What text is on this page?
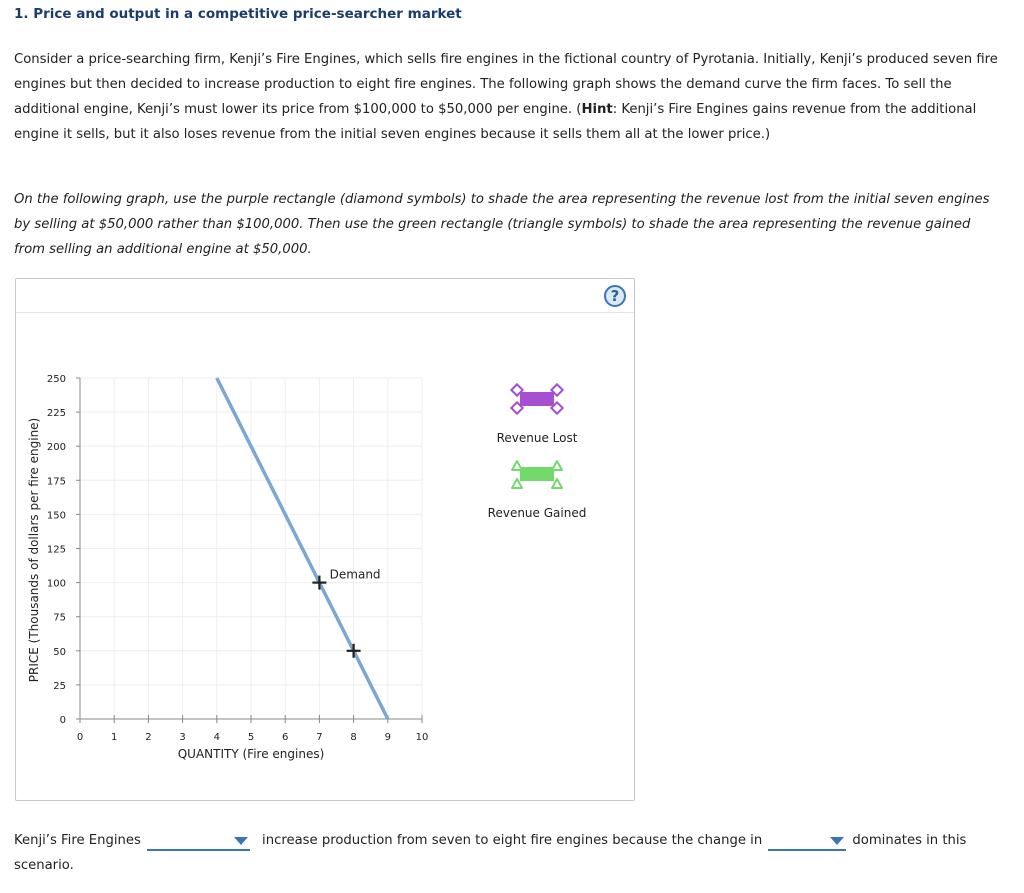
1. Price and output in a competitive price-searcher market

Consider a price-searching firm, Kenji’s Fire Engines, which sells fire engines in the fictional country of Pyrotania. Initially, Kenji’s produced seven fire engines but then decided to increase production to eight fire engines. The following graph shows the demand curve the firm faces. To sell the additional engine, Kenji’s must lower its price from $100,000 to $50,000 per engine. (Hint: Kenji’s Fire Engines gains revenue from the additional engine it sells, but it also loses revenue from the initial seven engines because it sells them all at the lower price.)

On the following graph, use the purple rectangle (diamond symbols) to shade the area representing the revenue lost from the initial seven engines by selling at $50,000 rather than $100,000. Then use the green rectangle (triangle symbols) to shade the area representing the revenue gained from selling an additional engine at $50,000.

?
0
25
50
75
100
125
150
175
200
225
250
0	1	2	3	4	5	6	7	8	9 10
PRICE (Thousands of dollars per fire engine)
QUANTITY (Fire engines)
Demand
Revenue Lost
Revenue Gained

Kenji’s Fire Engines	increase production from seven to eight fire engines because the change in	dominates in this scenario.
